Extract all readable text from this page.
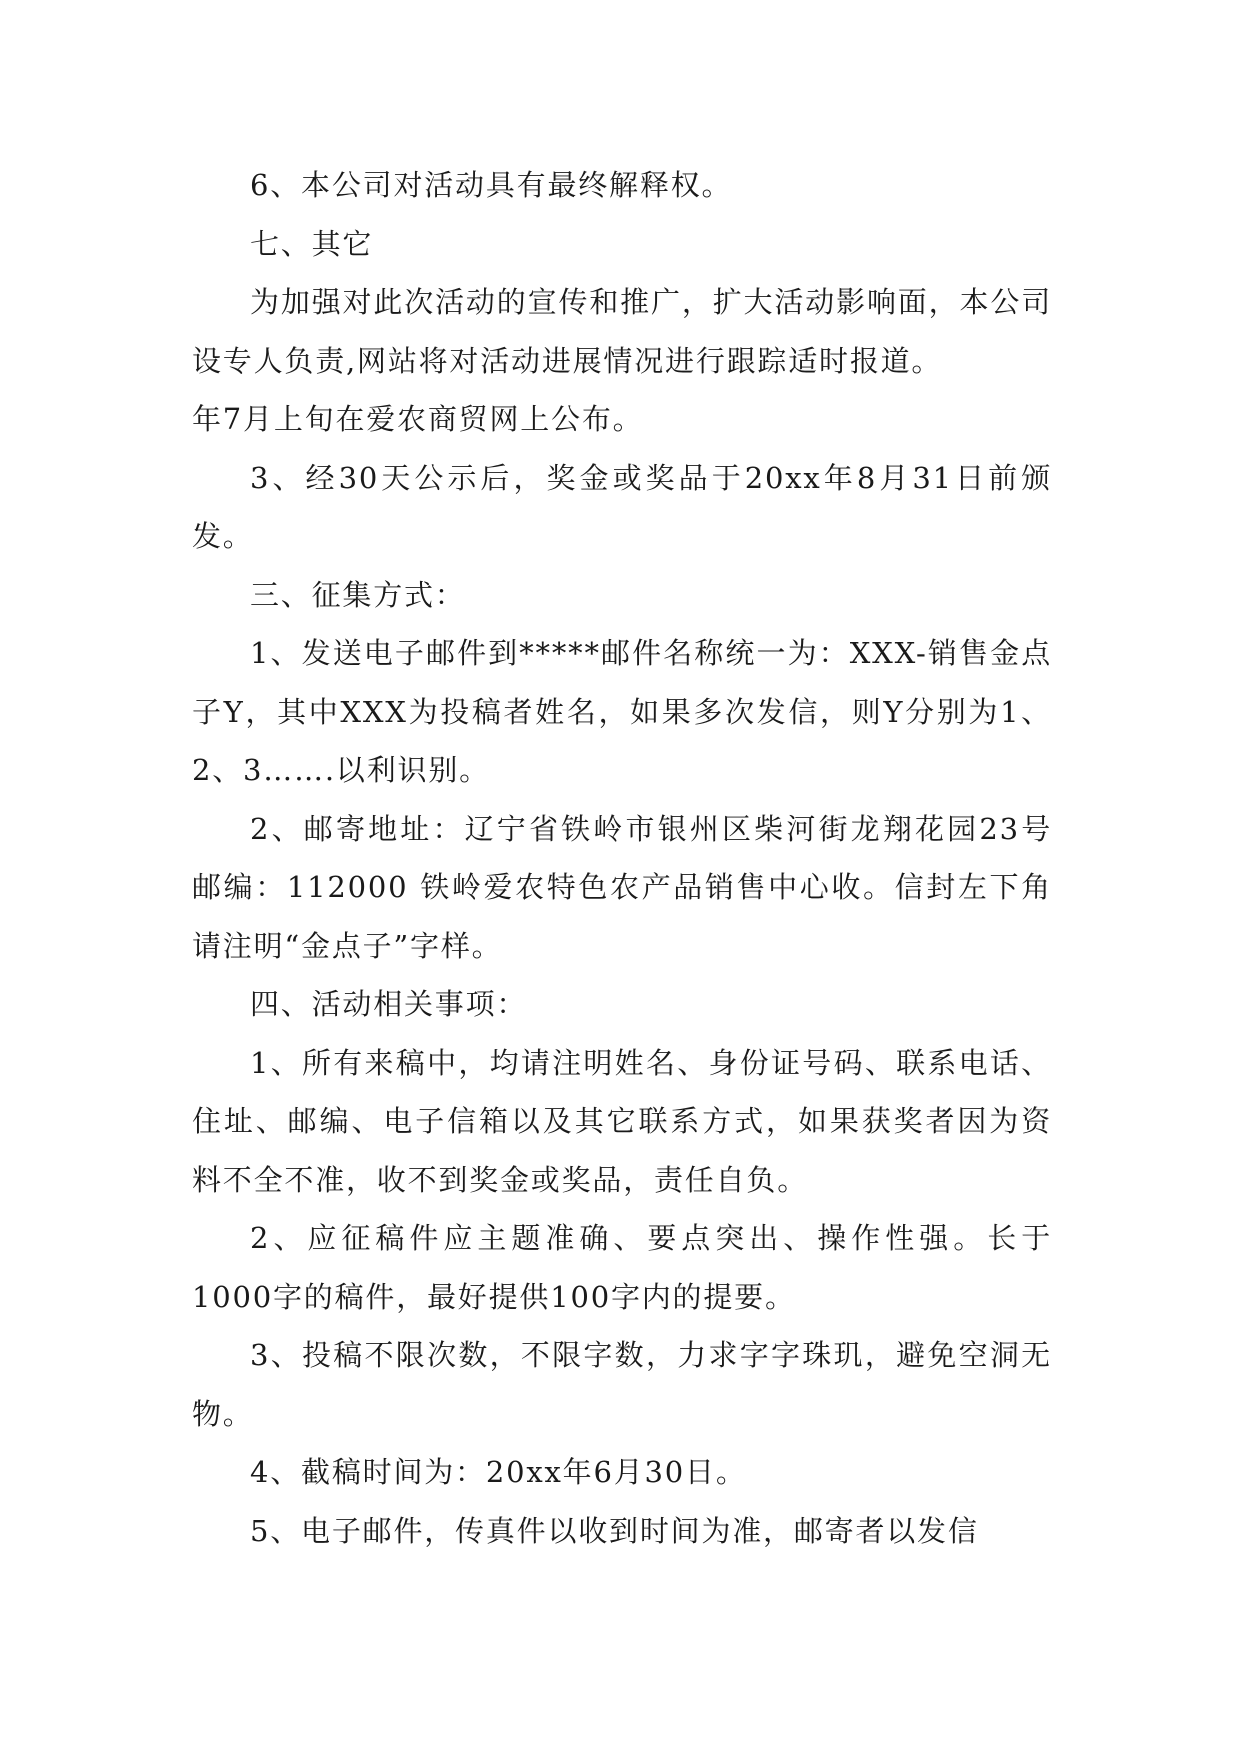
6、本公司对活动具有最终解释权。

七、其它

为加强对此次活动的宣传和推广，扩大活动影响面，本公司设专人负责,网站将对活动进展情况进行跟踪适时报道。

年7月上旬在爱农商贸网上公布。

3、经30天公示后，奖金或奖品于20xx年8月31日前颁发。

三、征集方式：

1、发送电子邮件到*****邮件名称统一为：XXX-销售金点子Y，其中XXX为投稿者姓名，如果多次发信，则Y分别为1、2、3…….以利识别。

2、邮寄地址：辽宁省铁岭市银州区柴河街龙翔花园23号 邮编：112000 铁岭爱农特色农产品销售中心收。信封左下角请注明“金点子”字样。

四、活动相关事项：

1、所有来稿中，均请注明姓名、身份证号码、联系电话、住址、邮编、电子信箱以及其它联系方式，如果获奖者因为资料不全不准，收不到奖金或奖品，责任自负。

2、应征稿件应主题准确、要点突出、操作性强。长于1000字的稿件，最好提供100字内的提要。

3、投稿不限次数，不限字数，力求字字珠玑，避免空洞无物。

4、截稿时间为：20xx年6月30日。

5、电子邮件，传真件以收到时间为准，邮寄者以发信
